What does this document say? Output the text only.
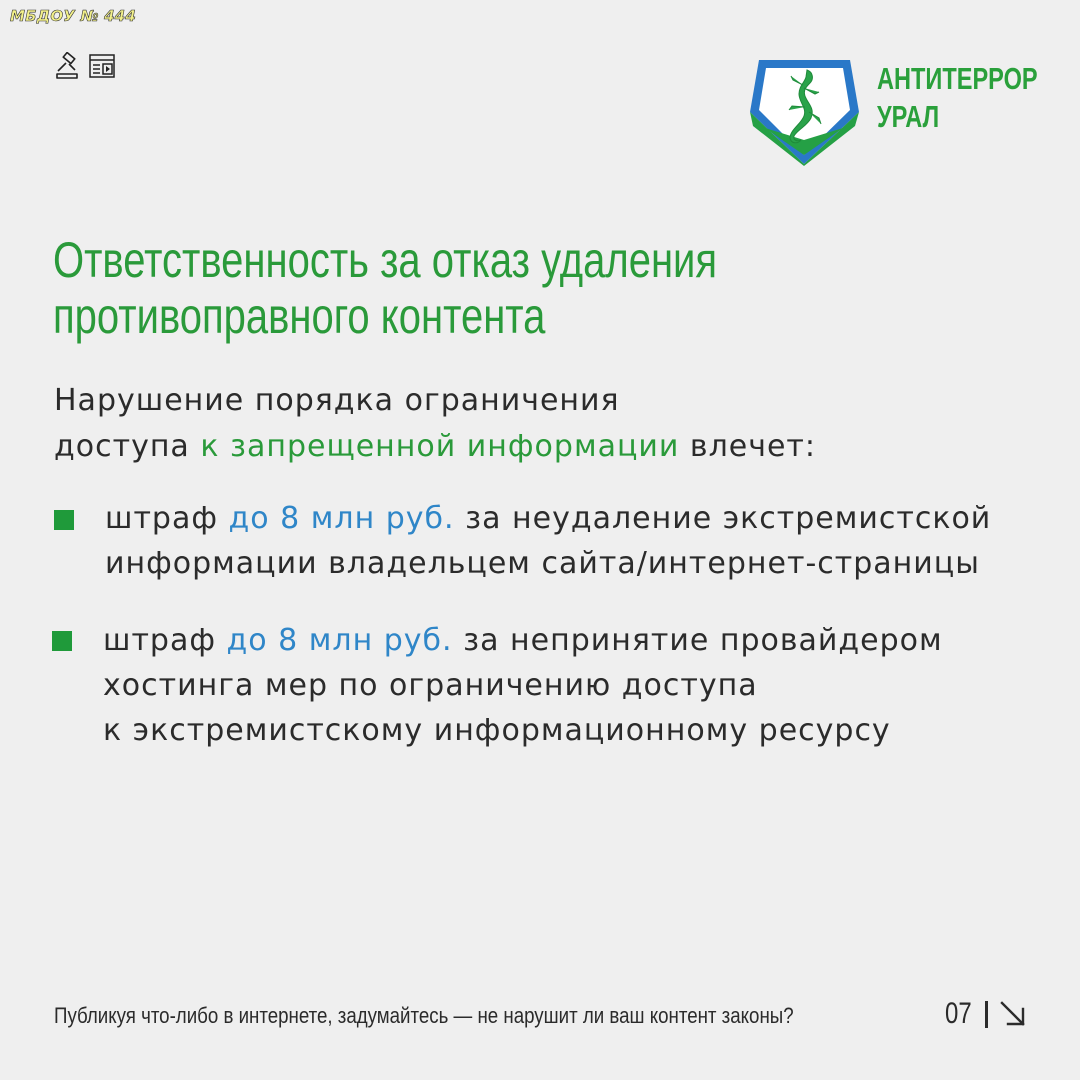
МБДОУ № 444
АНТИТЕРРОР
УРАЛ
Ответственность за отказ удаления
противоправного контента
Нарушение порядка ограничения
доступа к запрещенной информации влечет:
штраф до 8 млн руб. за неудаление экстремистской
информации владельцем сайта/интернет-страницы
штраф до 8 млн руб. за непринятие провайдером
хостинга мер по ограничению доступа
к экстремистскому информационному ресурсу
Публикуя что-либо в интернете, задумайтесь — не нарушит ли ваш контент законы?	07
